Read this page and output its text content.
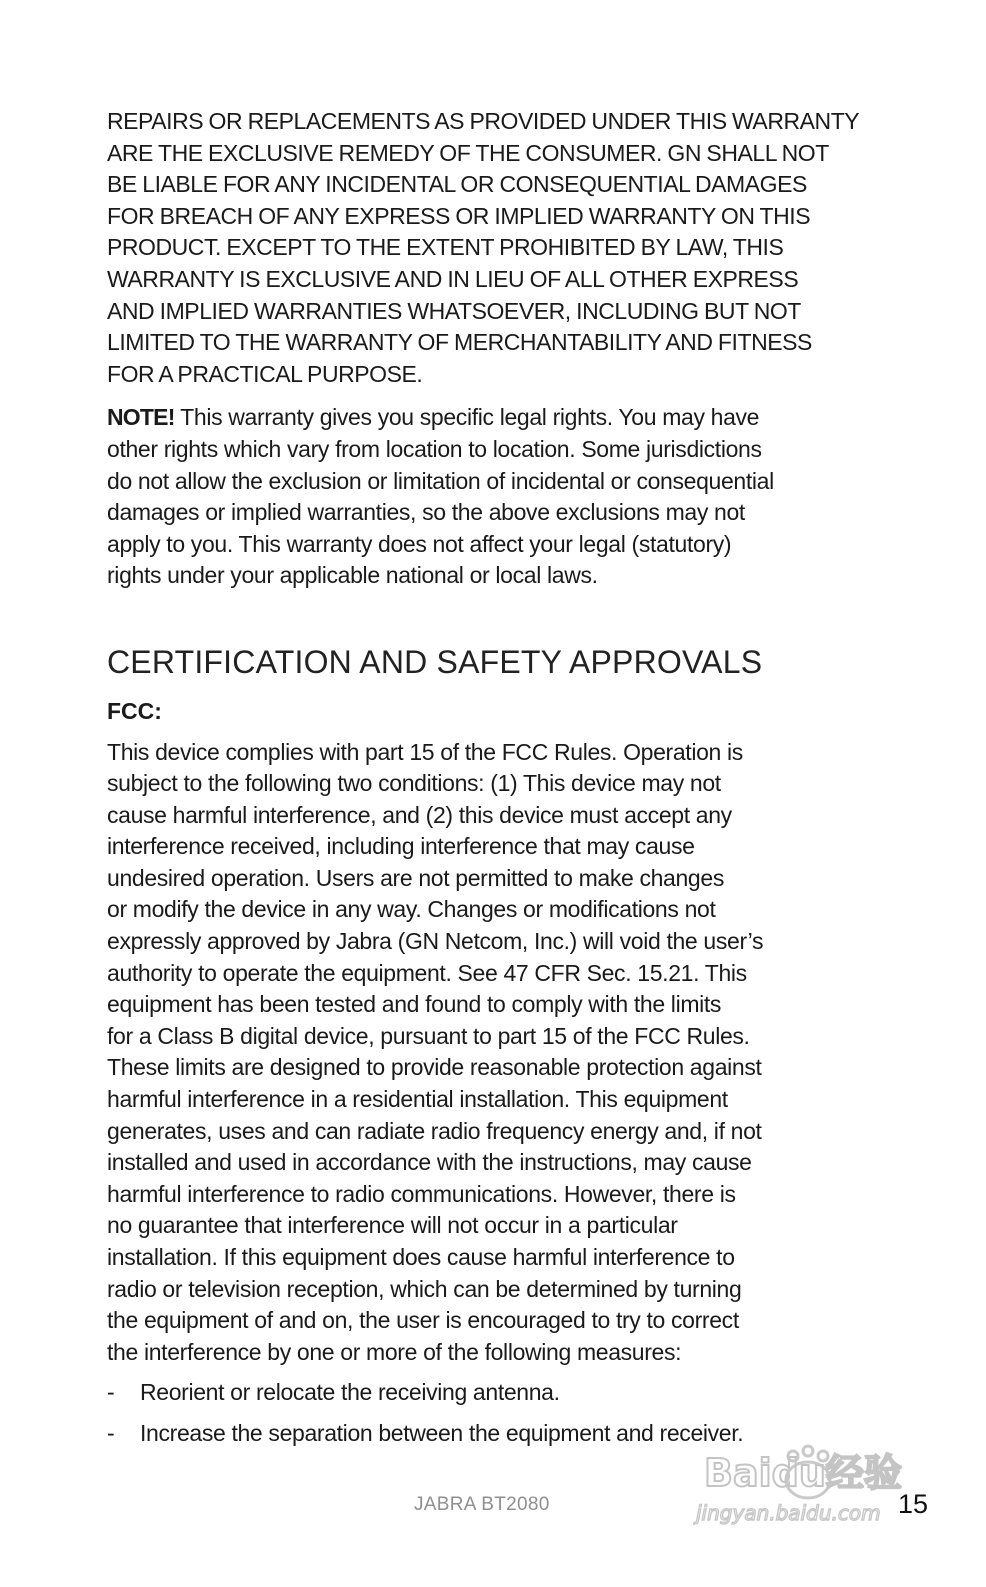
REPAIRS OR REPLACEMENTS AS PROVIDED UNDER THIS WARRANTY
ARE THE EXCLUSIVE REMEDY OF THE CONSUMER. GN SHALL NOT
BE LIABLE FOR ANY INCIDENTAL OR CONSEQUENTIAL DAMAGES
FOR BREACH OF ANY EXPRESS OR IMPLIED WARRANTY ON THIS
PRODUCT. EXCEPT TO THE EXTENT PROHIBITED BY LAW, THIS
WARRANTY IS EXCLUSIVE AND IN LIEU OF ALL OTHER EXPRESS
AND IMPLIED WARRANTIES WHATSOEVER, INCLUDING BUT NOT
LIMITED TO THE WARRANTY OF MERCHANTABILITY AND FITNESS
FOR A PRACTICAL PURPOSE.

NOTE! This warranty gives you specific legal rights. You may have
other rights which vary from location to location. Some jurisdictions
do not allow the exclusion or limitation of incidental or consequential
damages or implied warranties, so the above exclusions may not
apply to you. This warranty does not affect your legal (statutory)
rights under your applicable national or local laws.

CERTIFICATION AND SAFETY APPROVALS

FCC:

This device complies with part 15 of the FCC Rules. Operation is
subject to the following two conditions: (1) This device may not
cause harmful interference, and (2) this device must accept any
interference received, including interference that may cause
undesired operation. Users are not permitted to make changes
or modify the device in any way. Changes or modifications not
expressly approved by Jabra (GN Netcom, Inc.) will void the user’s
authority to operate the equipment. See 47 CFR Sec. 15.21. This
equipment has been tested and found to comply with the limits
for a Class B digital device, pursuant to part 15 of the FCC Rules.
These limits are designed to provide reasonable protection against
harmful interference in a residential installation. This equipment
generates, uses and can radiate radio frequency energy and, if not
installed and used in accordance with the instructions, may cause
harmful interference to radio communications. However, there is
no guarantee that interference will not occur in a particular
installation. If this equipment does cause harmful interference to
radio or television reception, which can be determined by turning
the equipment of and on, the user is encouraged to try to correct
the interference by one or more of the following measures:

- Reorient or relocate the receiving antenna.
- Increase the separation between the equipment and receiver.
Baidu经验
jingyan.baidu.com
JABRA BT2080	15
